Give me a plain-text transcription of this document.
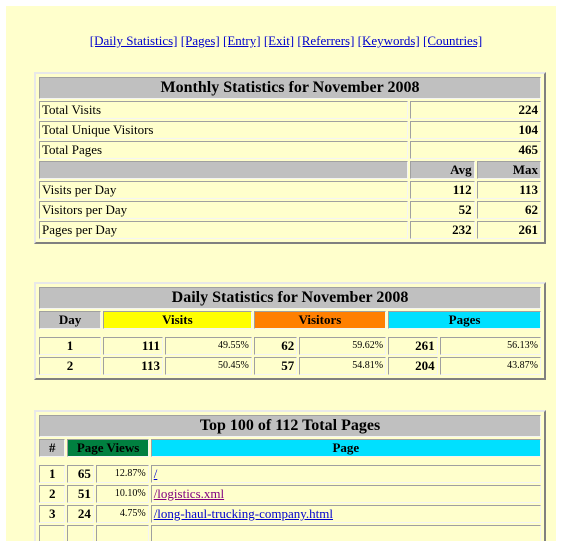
[Daily Statistics] [Pages] [Entry] [Exit] [Referrers] [Keywords] [Countries]
Monthly Statistics for November 2008		
Total Visits	224	
Total Unique Visitors	104	
Total Pages	465	
	Avg	Max
Visits per Day	112	113
Visitors per Day	52	62
Pages per Day	232	261
Daily Statistics for November 2008						
Day	Visits		Visitors		Pages	

1	111	49.55%	62	59.62%	261	56.13%
2	113	50.45%	57	54.81%	204	43.87%
Top 100 of 112 Total Pages			
#	Page Views		Page

1	65	12.87%	/
2	51	10.10%	/logistics.xml
3	24	4.75%	/long-haul-trucking-company.html
